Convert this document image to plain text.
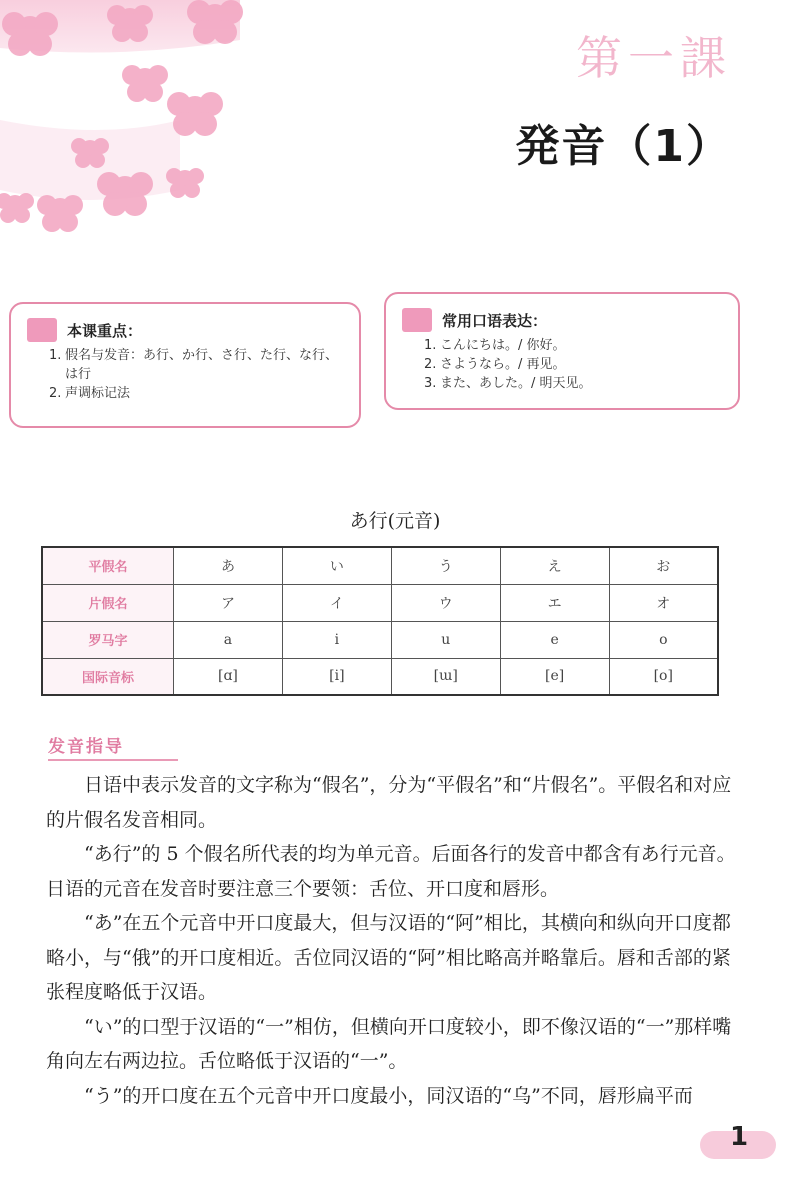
第一課
発音（1）
本课重点：
1. 假名与发音：あ行、か行、さ行、た行、な行、は行
2. 声调标记法
常用口语表达：
1. こんにちは。/ 你好。
2. さようなら。/ 再见。
3. また、あした。/ 明天见。
あ行(元音)
平假名	あ	い	う	え	お
片假名	ア	イ	ウ	エ	オ
罗马字	a	i	u	e	o
国际音标	[ɑ]	[i]	[ɯ]	[e]	[o]
发音指导

日语中表示发音的文字称为“假名”，分为“平假名”和“片假名”。平假名和对应的片假名发音相同。

“あ行”的 5 个假名所代表的均为单元音。后面各行的发音中都含有あ行元音。日语的元音在发音时要注意三个要领：舌位、开口度和唇形。

“あ”在五个元音中开口度最大，但与汉语的“阿”相比，其横向和纵向开口度都略小，与“俄”的开口度相近。舌位同汉语的“阿”相比略高并略靠后。唇和舌部的紧张程度略低于汉语。

“い”的口型于汉语的“一”相仿，但横向开口度较小，即不像汉语的“一”那样嘴角向左右两边拉。舌位略低于汉语的“一”。

“う”的开口度在五个元音中开口度最小，同汉语的“乌”不同，唇形扁平而

1
